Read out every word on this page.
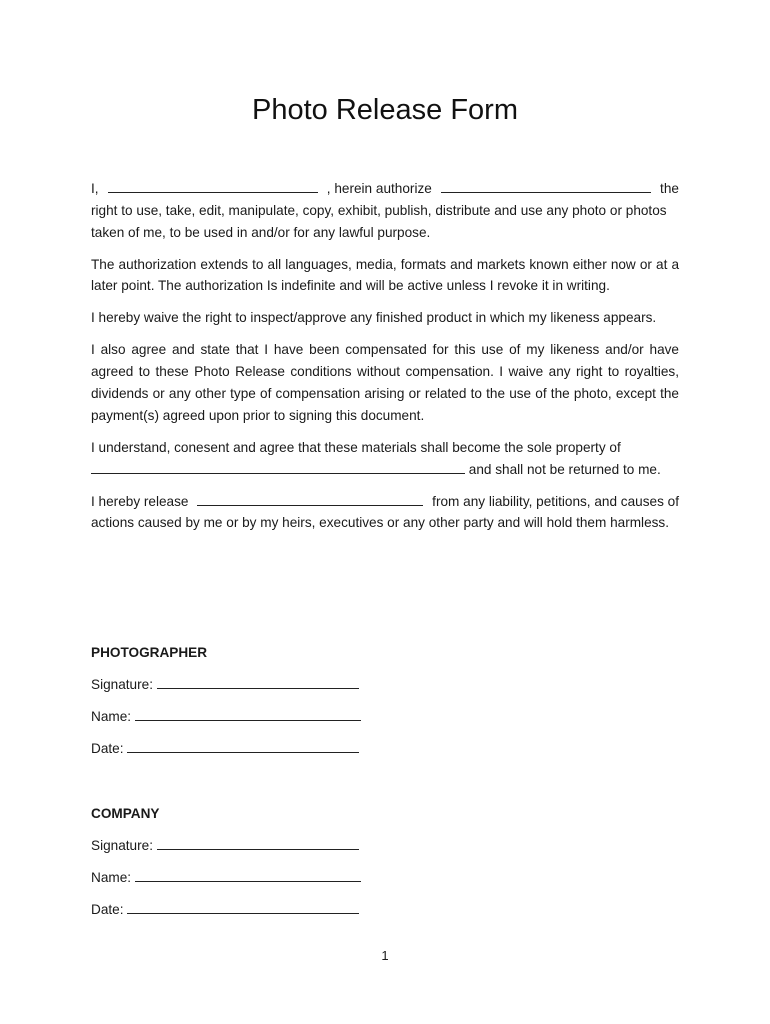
Photo Release Form

I,	, herein authorize	the
right to use, take, edit, manipulate, copy, exhibit, publish, distribute and use any photo or photos taken of me, to be used in and/or for any lawful purpose.

The authorization extends to all languages, media, formats and markets known either now or at a later point. The authorization Is indefinite and will be active unless I revoke it in writing.

I hereby waive the right to inspect/approve any finished product in which my likeness appears.

I also agree and state that I have been compensated for this use of my likeness and/or have agreed to these Photo Release conditions without compensation. I waive any right to royalties, dividends or any other type of compensation arising or related to the use of the photo, except the payment(s) agreed upon prior to signing this document.

I understand, conesent and agree that these materials shall become the sole property of
and shall not be returned to me.

I hereby release	from any liability, petitions, and causes of
actions caused by me or by my heirs, executives or any other party and will hold them harmless.

PHOTOGRAPHER
Signature:
Name:
Date:
COMPANY
Signature:
Name:
Date:
1
